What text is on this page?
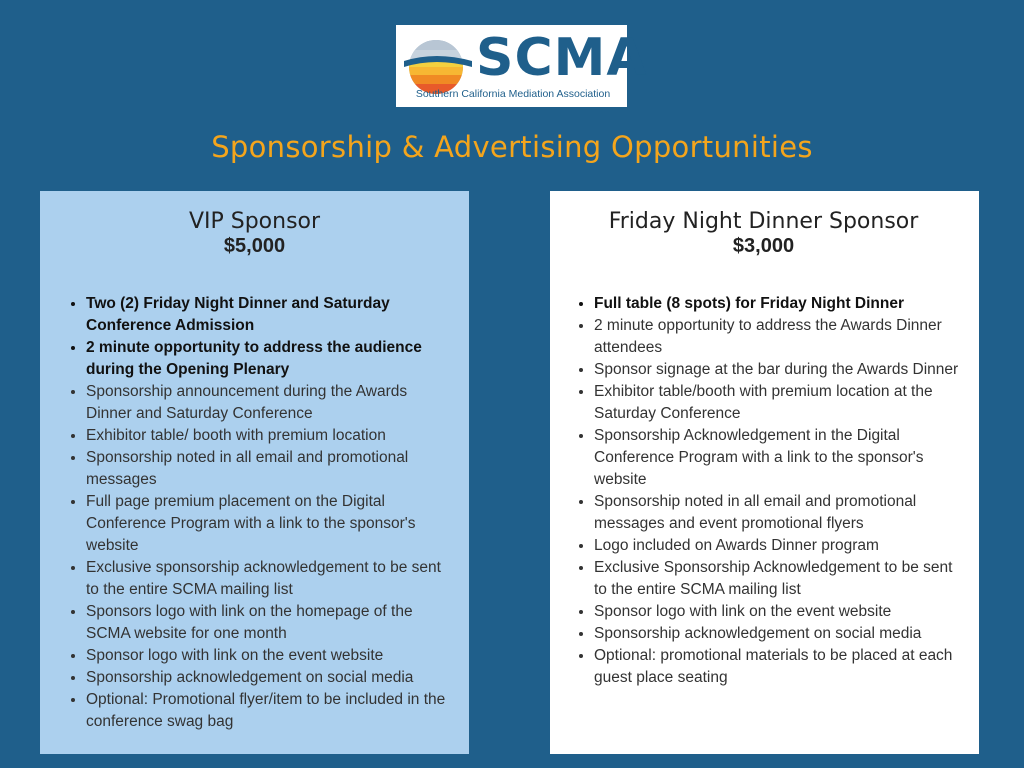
SCMA
Southern California Mediation Association
Sponsorship & Advertising Opportunities
VIP Sponsor
$5,000
• Two (2) Friday Night Dinner and Saturday Conference Admission
• 2 minute opportunity to address the audience during the Opening Plenary
• Sponsorship announcement during the Awards Dinner and Saturday Conference
• Exhibitor table/ booth with premium location
• Sponsorship noted in all email and promotional messages
• Full page premium placement on the Digital Conference Program with a link to the sponsor's website
• Exclusive sponsorship acknowledgement to be sent to the entire SCMA mailing list
• Sponsors logo with link on the homepage of the SCMA website for one month
• Sponsor logo with link on the event website
• Sponsorship acknowledgement on social media
• Optional: Promotional flyer/item to be included in the conference swag bag
Friday Night Dinner Sponsor
$3,000
• Full table (8 spots) for Friday Night Dinner
• 2 minute opportunity to address the Awards Dinner attendees
• Sponsor signage at the bar during the Awards Dinner
• Exhibitor table/booth with premium location at the Saturday Conference
• Sponsorship Acknowledgement in the Digital Conference Program with a link to the sponsor's website
• Sponsorship noted in all email and promotional messages and event promotional flyers
• Logo included on Awards Dinner program
• Exclusive Sponsorship Acknowledgement to be sent to the entire SCMA mailing list
• Sponsor logo with link on the event website
• Sponsorship acknowledgement on social media
• Optional: promotional materials to be placed at each guest place seating
